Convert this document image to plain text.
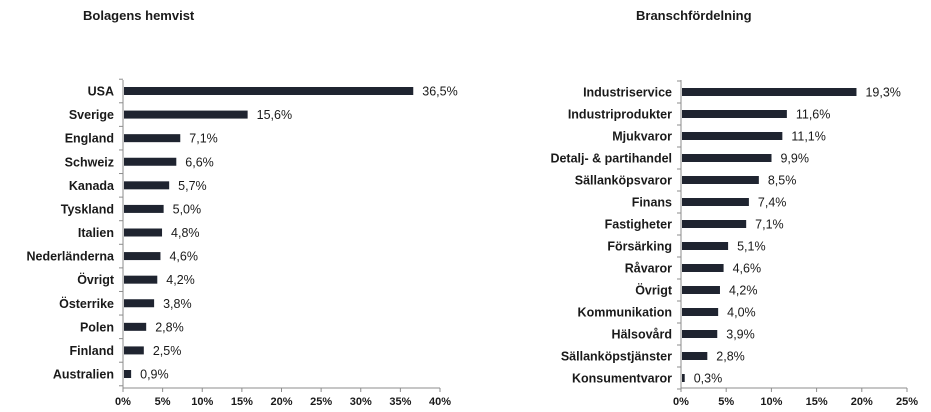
Bolagens hemvist	Branschfördelning
0% 5% 10% 15% 20% 25% 30% 35% 40%
USA	36,5%
Sverige	15,6%
England	7,1%
Schweiz	6,6%
Kanada	5,7%
Tyskland	5,0%
Italien	4,8%
Nederländerna	4,6%
Övrigt	4,2%
Österrike	3,8%
Polen	2,8%
Finland	2,5%
Australien 0,9%
0%	5% 10% 15% 20% 25%
Industriservice	19,3%
Industriprodukter	11,6%
Mjukvaror	11,1%
Detalj- & partihandel	9,9%
Sällanköpsvaror	8,5%
Finans	7,4%
Fastigheter	7,1%
Försärking	5,1%
Råvaror	4,6%
Övrigt	4,2%
Kommunikation	4,0%
Hälsovård	3,9%
Sällanköpstjänster	2,8%
Konsumentvaror 0,3%
